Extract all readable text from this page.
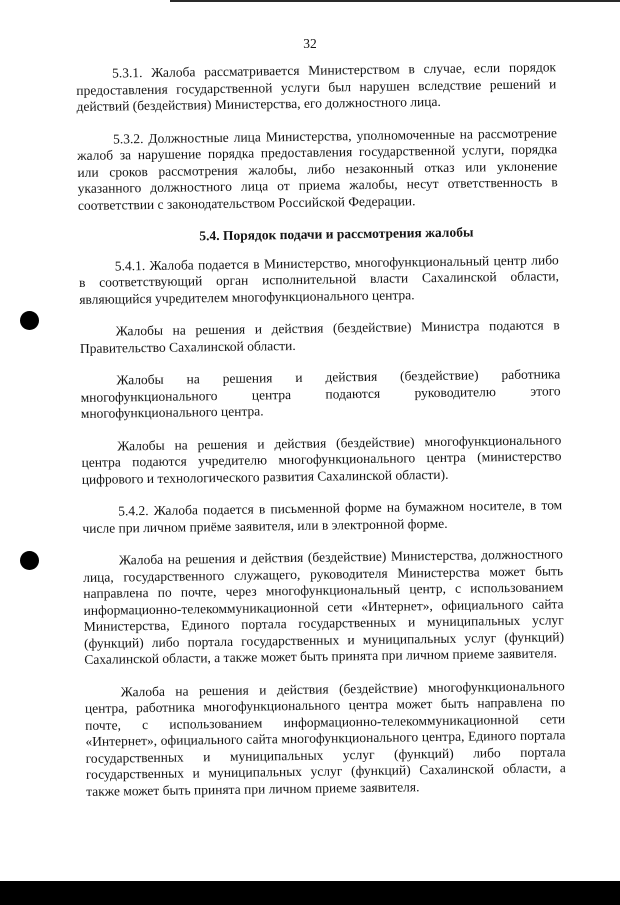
32

5.3.1. Жалоба рассматривается Министерством в случае, если порядок предоставления государственной услуги был нарушен вследствие решений и действий (бездействия) Министерства, его должностного лица.

5.3.2. Должностные лица Министерства, уполномоченные на рассмотрение жалоб за нарушение порядка предоставления государственной услуги, порядка или сроков рассмотрения жалобы, либо незаконный отказ или уклонение указанного должностного лица от приема жалобы, несут ответственность в соответствии с законодательством Российской Федерации.

5.4. Порядок подачи и рассмотрения жалобы

5.4.1. Жалоба подается в Министерство, многофункциональный центр либо в соответствующий орган исполнительной власти Сахалинской области, являющийся учредителем многофункционального центра.

Жалобы на решения и действия (бездействие) Министра подаются в Правительство Сахалинской области.

Жалобы на решения и действия (бездействие) работника многофункционального центра подаются руководителю этого многофункционального центра.

Жалобы на решения и действия (бездействие) многофункционального центра подаются учредителю многофункционального центра (министерство цифрового и технологического развития Сахалинской области).

5.4.2. Жалоба подается в письменной форме на бумажном носителе, в том числе при личном приёме заявителя, или в электронной форме.

Жалоба на решения и действия (бездействие) Министерства, должностного лица, государственного служащего, руководителя Министерства может быть направлена по почте, через многофункциональный центр, с использованием информационно-телекоммуникационной сети «Интернет», официального сайта Министерства, Единого портала государственных и муниципальных услуг (функций) либо портала государственных и муниципальных услуг (функций) Сахалинской области, а также может быть принята при личном приеме заявителя.

Жалоба на решения и действия (бездействие) многофункционального центра, работника многофункционального центра может быть направлена по почте, с использованием информационно-телекоммуникационной сети «Интернет», официального сайта многофункционального центра, Единого портала государственных и муниципальных услуг (функций) либо портала государственных и муниципальных услуг (функций) Сахалинской области, а также может быть принята при личном приеме заявителя.
